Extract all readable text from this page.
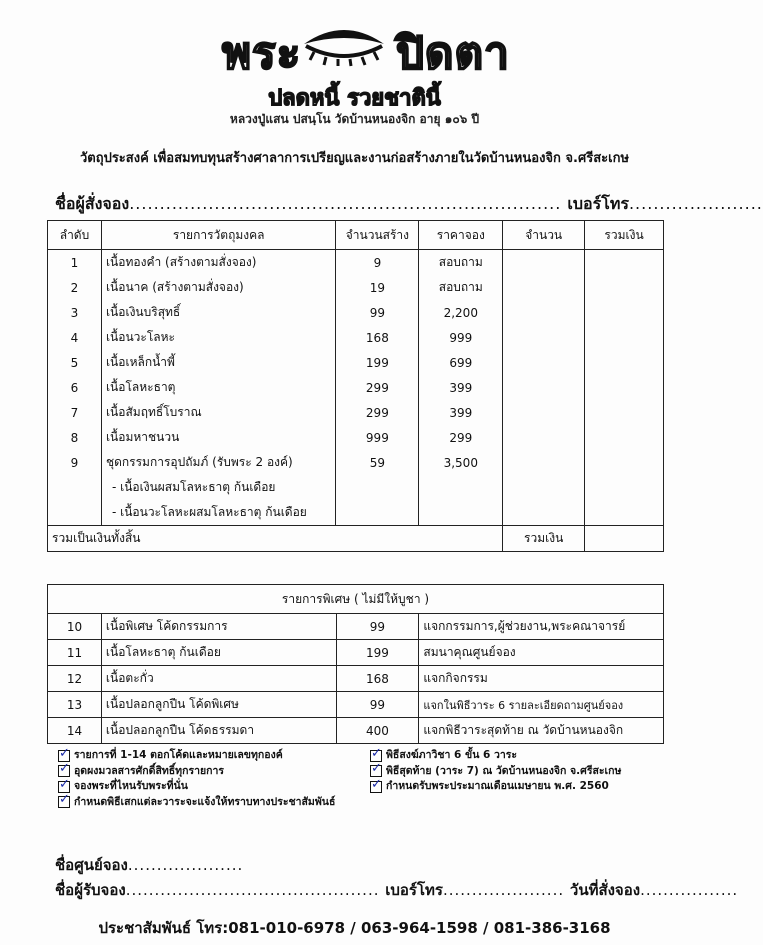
พระ ปิดตา
ปลดหนี้ รวยชาตินี้
หลวงปู่แสน ปสนฺโน วัดบ้านหนองจิก อายุ ๑๐๖ ปี
วัตถุประสงค์ เพื่อสมทบทุนสร้างศาลาการเปรียญและงานก่อสร้างภายในวัดบ้านหนองจิก จ.ศรีสะเกษ
ชื่อผู้สั่งจอง....................................................................... เบอร์โทร......................
ลำดับ	รายการวัตถุมงคล	จำนวนสร้าง	ราคาจอง	จำนวน	รวมเงิน
1	เนื้อทองคำ (สร้างตามสั่งจอง)	9	สอบถาม		
2	เนื้อนาค (สร้างตามสั่งจอง)	19	สอบถาม		
3	เนื้อเงินบริสุทธิ์	99	2,200		
4	เนื้อนวะโลหะ	168	999		
5	เนื้อเหล็กน้ำพี้	199	699		
6	เนื้อโลหะธาตุ	299	399		
7	เนื้อสัมฤทธิ์โบราณ	299	399		
8	เนื้อมหาชนวน	999	299		
9	ชุดกรรมการอุปถัมภ์ (รับพระ 2 องค์)	59	3,500		
	- เนื้อเงินผสมโลหะธาตุ ก้นเดือย				
	- เนื้อนวะโลหะผสมโลหะธาตุ ก้นเดือย				
รวมเป็นเงินทั้งสิ้น				รวมเงิน	
รายการพิเศษ ( ไม่มีให้บูชา )			
10	เนื้อพิเศษ โค้ดกรรมการ	99	แจกกรรมการ,ผู้ช่วยงาน,พระคณาจารย์
11	เนื้อโลหะธาตุ ก้นเดือย	199	สมนาคุณศูนย์จอง
12	เนื้อตะกั่ว	168	แจกกิจกรรม
13	เนื้อปลอกลูกปืน โค้ดพิเศษ	99	แจกในพิธีวาระ 6 รายละเอียดถามศูนย์จอง
14	เนื้อปลอกลูกปืน โค้ดธรรมดา	400	แจกพิธีวาระสุดท้าย ณ วัดบ้านหนองจิก
✓
รายการที่ 1-14 ตอกโค้ดและหมายเลขทุกองค์
✓
อุดผงมวลสารศักดิ์สิทธิ์ทุกรายการ
✓
จองพระที่ไหนรับพระที่นั่น
✓
กำหนดพิธีเสกแต่ละวาระจะแจ้งให้ทราบทางประชาสัมพันธ์
✓
พิธีสงฆ์ภาวิชา 6 ขั้น 6 วาระ
✓
พิธีสุดท้าย (วาระ 7) ณ วัดบ้านหนองจิก จ.ศรีสะเกษ
✓
กำหนดรับพระประมาณเดือนเมษายน พ.ศ. 2560
ชื่อศูนย์จอง....................
ชื่อผู้รับจอง............................................ เบอร์โทร..................... วันที่สั่งจอง.................
ประชาสัมพันธ์ โทร:081-010-6978 / 063-964-1598 / 081-386-3168
